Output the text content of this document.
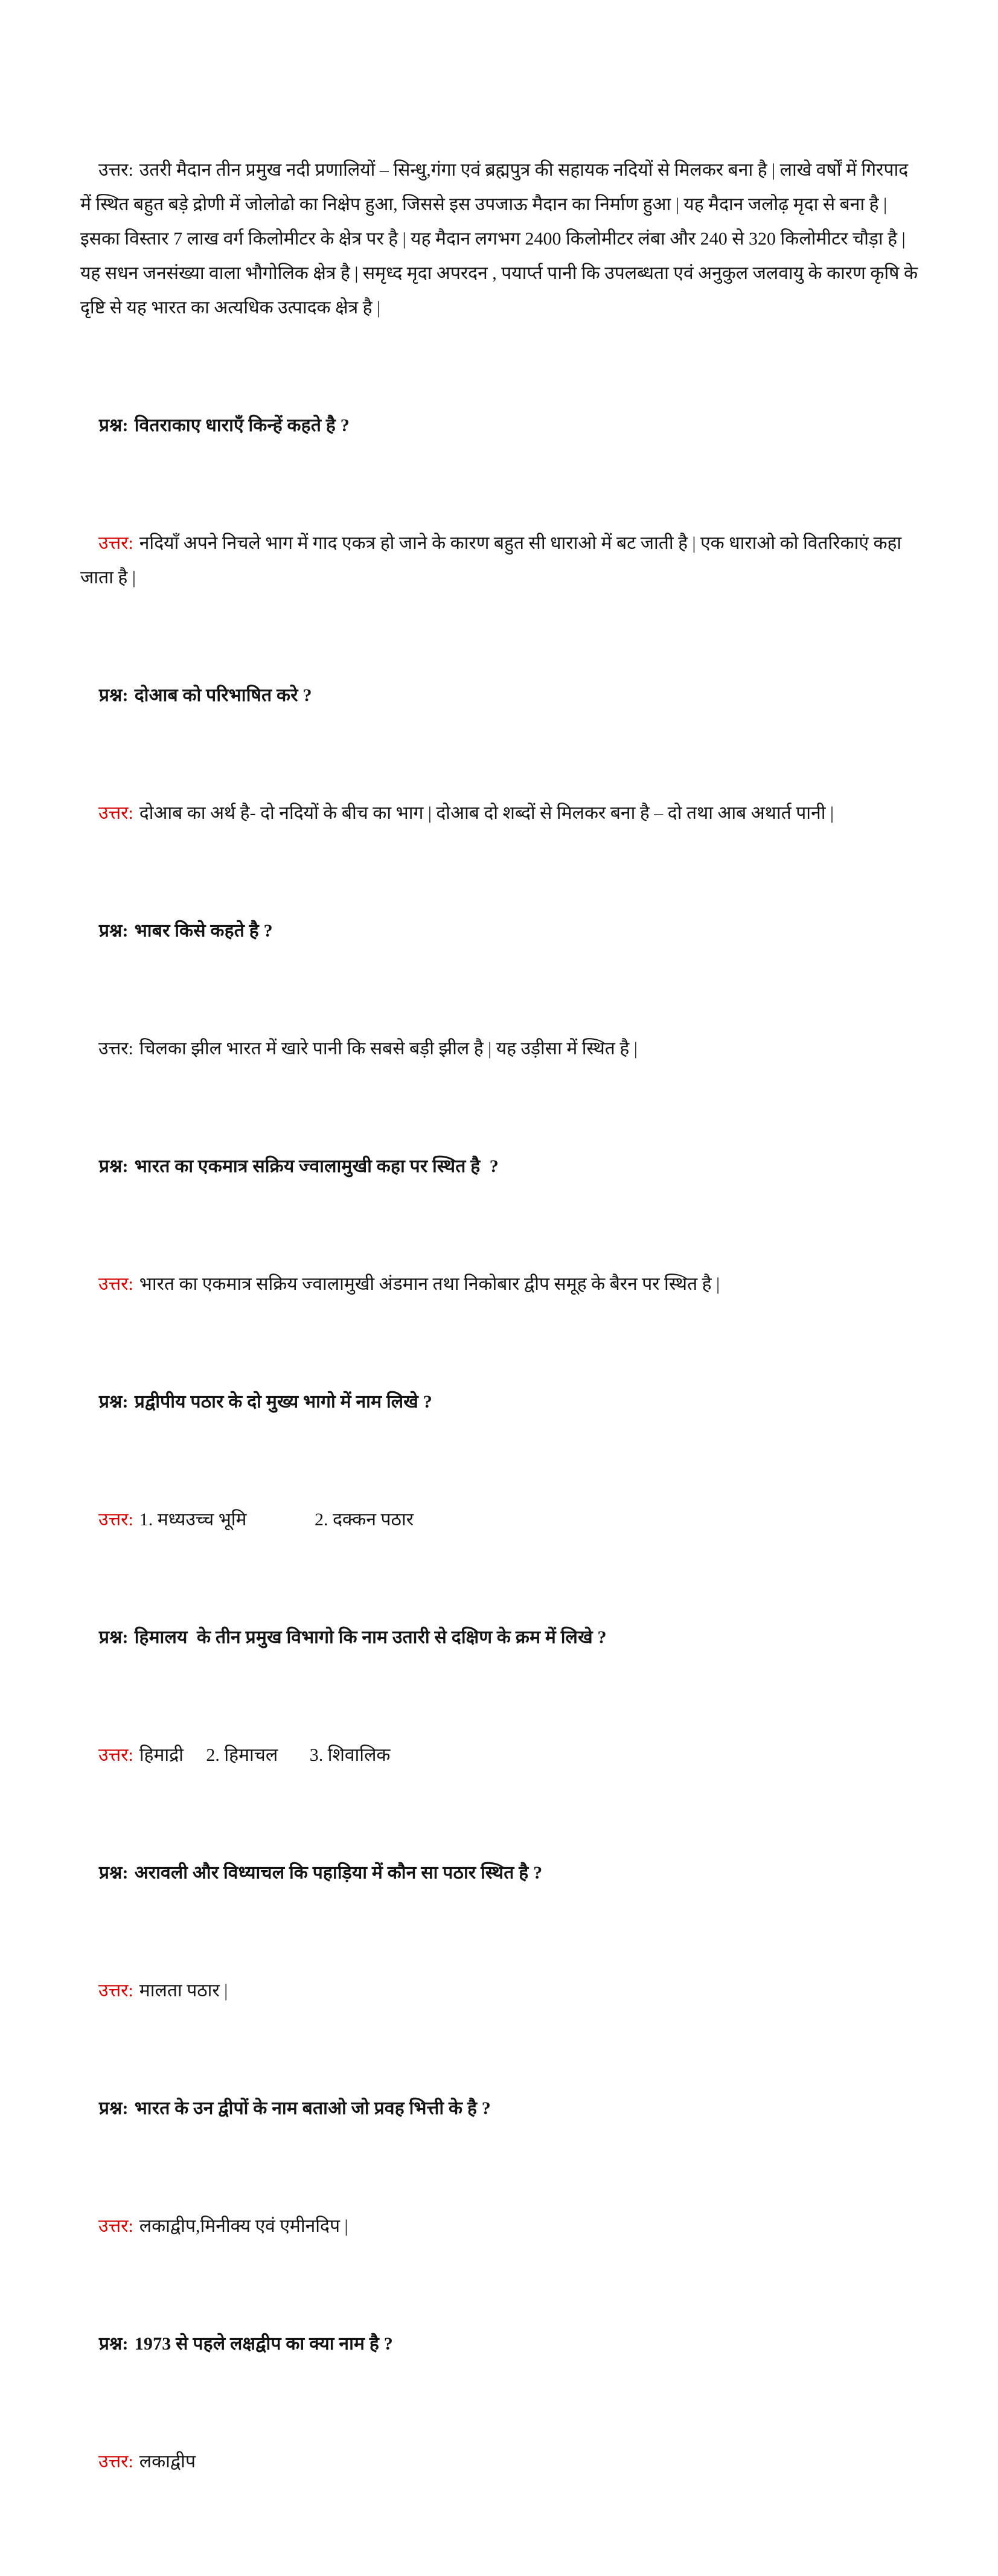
उत्तर: उतरी मैदान तीन प्रमुख नदी प्रणालियों – सिन्धु,गंगा एवं ब्रह्मपुत्र की सहायक नदियों से मिलकर बना है | लाखे वर्षों में गिरपाद में स्थित बहुत बड़े द्रोणी में जोलोढो का निक्षेप हुआ, जिससे इस उपजाऊ मैदान का निर्माण हुआ | यह मैदान जलोढ़ मृदा से बना है | इसका विस्तार 7 लाख वर्ग किलोमीटर के क्षेत्र पर है | यह मैदान लगभग 2400 किलोमीटर लंबा और 240 से 320 किलोमीटर चौड़ा है | यह सधन जनसंख्या वाला भौगोलिक क्षेत्र है | समृध्द मृदा अपरदन , पयार्प्त पानी कि उपलब्धता एवं अनुकुल जलवायु के कारण कृषि के दृष्टि से यह भारत का अत्यधिक उत्पादक क्षेत्र है |

प्रश्न: वितराकाए धाराएँ किन्हें कहते है ?

उत्तर: नदियाँ अपने निचले भाग में गाद एकत्र हो जाने के कारण बहुत सी धाराओ में बट जाती है | एक धाराओ को वितरिकाएं कहा जाता है |

प्रश्न: दोआब को परिभाषित करे ?

उत्तर: दोआब का अर्थ है- दो नदियों के बीच का भाग | दोआब दो शब्दों से मिलकर बना है – दो तथा आब अथार्त पानी |

प्रश्न: भाबर किसे कहते है ?

उत्तर: चिलका झील भारत में खारे पानी कि सबसे बड़ी झील है | यह उड़ीसा में स्थित है |

प्रश्न: भारत का एकमात्र सक्रिय ज्वालामुखी कहा पर स्थित है  ?

उत्तर: भारत का एकमात्र सक्रिय ज्वालामुखी अंडमान तथा निकोबार द्वीप समूह के बैरन पर स्थित है |

प्रश्न: प्रद्वीपीय पठार के दो मुख्य भागो में नाम लिखे ?

उत्तर: 1. मध्यउच्च भूमि               2. दक्कन पठार

प्रश्न: हिमालय  के तीन प्रमुख विभागो कि नाम उतारी से दक्षिण के क्रम में लिखे ?

उत्तर: हिमाद्री     2. हिमाचल       3. शिवालिक

प्रश्न: अरावली और विध्याचल कि पहाड़िया में कौन सा पठार स्थित है ?

उत्तर: मालता पठार |

प्रश्न: भारत के उन द्वीपों के नाम बताओ जो प्रवह भित्ती के है ?

उत्तर: लकाद्वीप,मिनीक्य एवं एमीनदिप |

प्रश्न: 1973 से पहले लक्षद्वीप का क्या नाम है ?

उत्तर: लकाद्वीप
